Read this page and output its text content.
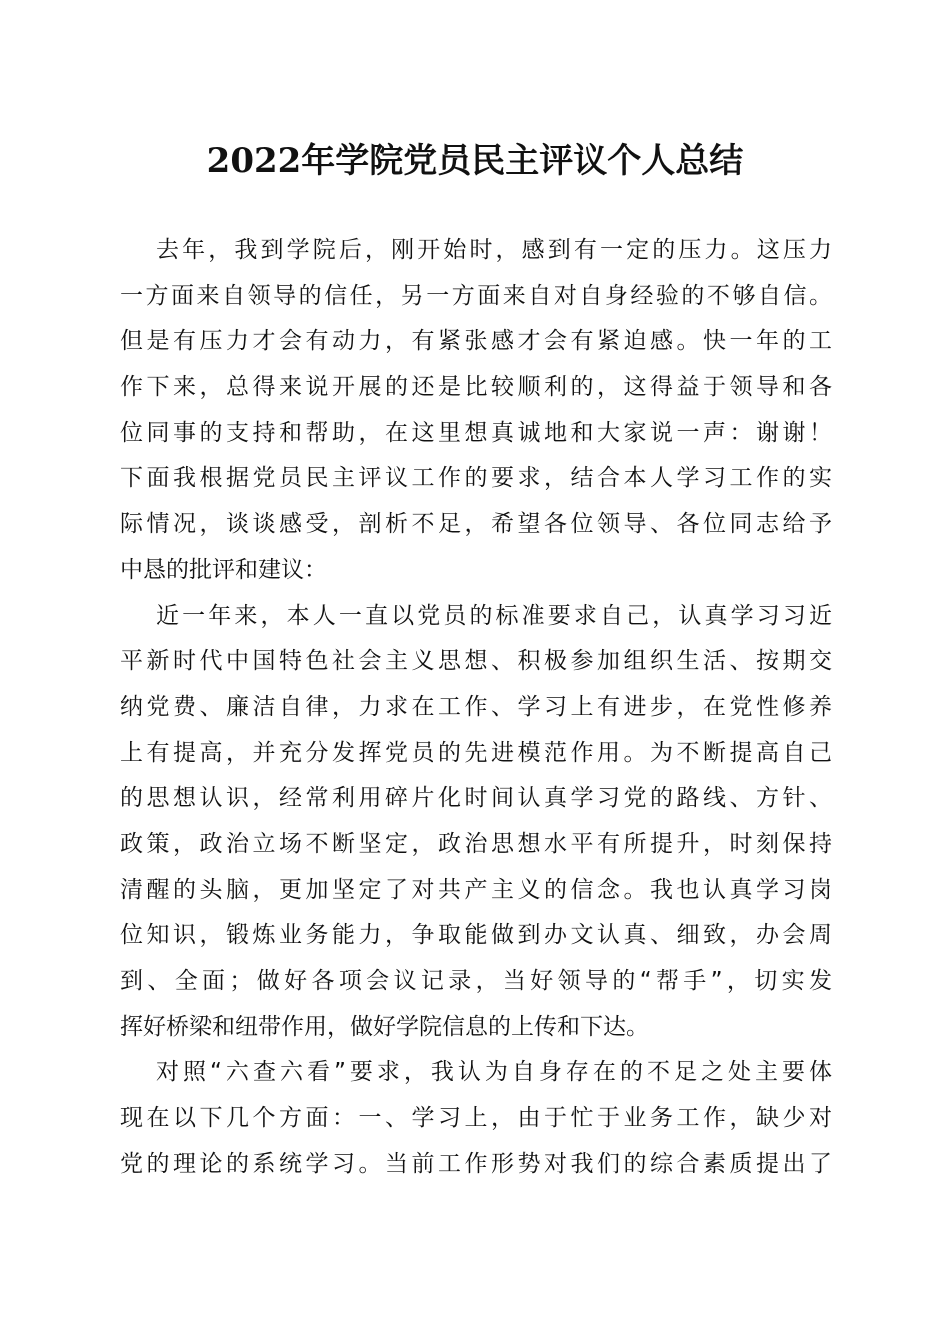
2022年学院党员民主评议个人总结
去年，我到学院后，刚开始时，感到有一定的压力。这压力
一方面来自领导的信任，另一方面来自对自身经验的不够自信。
但是有压力才会有动力，有紧张感才会有紧迫感。快一年的工
作下来，总得来说开展的还是比较顺利的，这得益于领导和各
位同事的支持和帮助，在这里想真诚地和大家说一声：谢谢！
下面我根据党员民主评议工作的要求，结合本人学习工作的实
际情况，谈谈感受，剖析不足，希望各位领导、各位同志给予
中恳的批评和建议：
近一年来，本人一直以党员的标准要求自己，认真学习习近
平新时代中国特色社会主义思想、积极参加组织生活、按期交
纳党费、廉洁自律，力求在工作、学习上有进步，在党性修养
上有提高，并充分发挥党员的先进模范作用。为不断提高自己
的思想认识，经常利用碎片化时间认真学习党的路线、方针、
政策，政治立场不断坚定，政治思想水平有所提升，时刻保持
清醒的头脑，更加坚定了对共产主义的信念。我也认真学习岗
位知识，锻炼业务能力，争取能做到办文认真、细致，办会周
到、全面；做好各项会议记录，当好领导的“帮手”，切实发
挥好桥梁和纽带作用，做好学院信息的上传和下达。
对照“六查六看”要求，我认为自身存在的不足之处主要体
现在以下几个方面：一、学习上，由于忙于业务工作，缺少对
党的理论的系统学习。当前工作形势对我们的综合素质提出了
